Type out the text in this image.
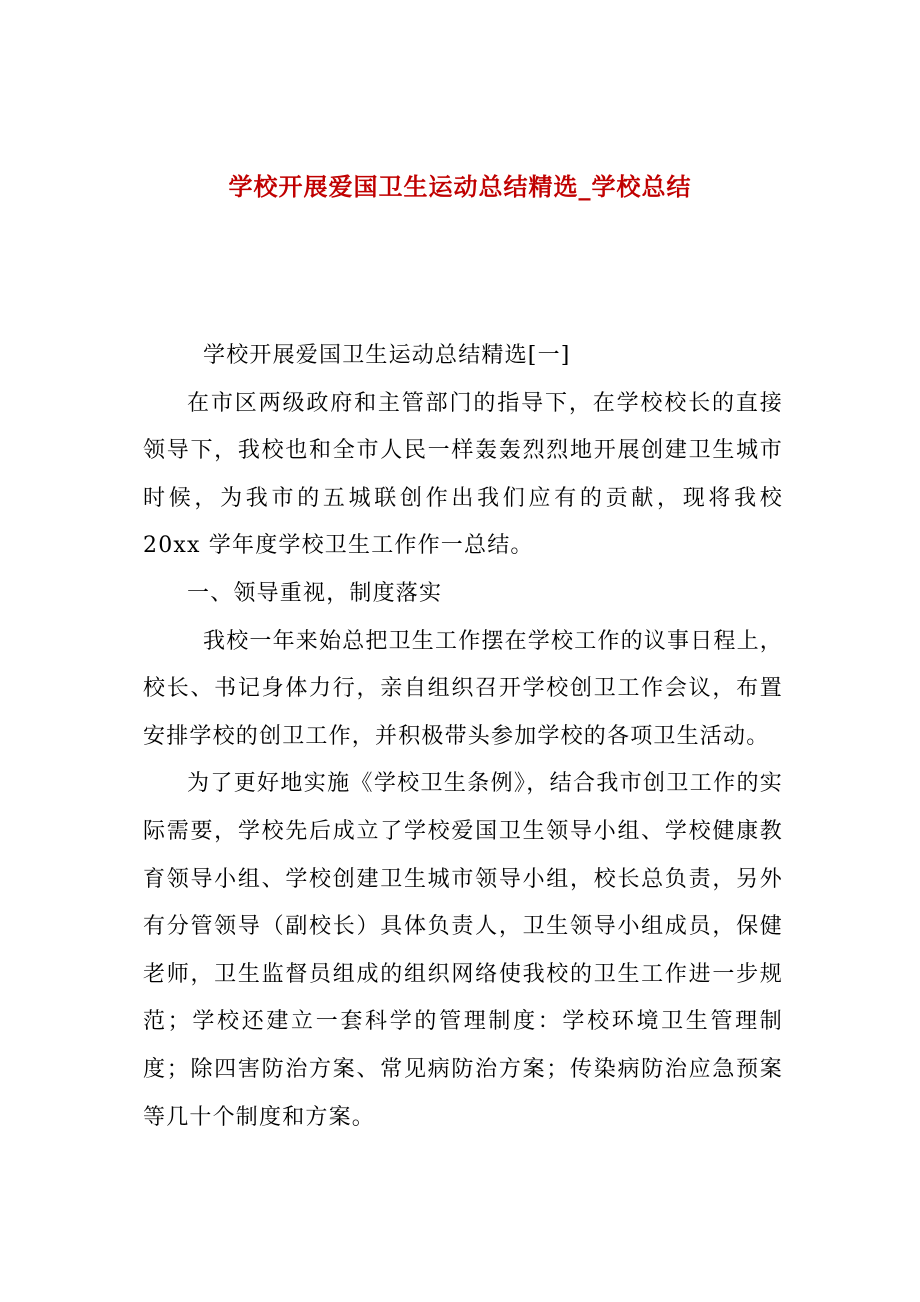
学校开展爱国卫生运动总结精选_学校总结

学校开展爱国卫生运动总结精选[一]

在市区两级政府和主管部门的指导下，在学校校长的直接领导下，我校也和全市人民一样轰轰烈烈地开展创建卫生城市时候，为我市的五城联创作出我们应有的贡献，现将我校 20xx 学年度学校卫生工作作一总结。

一、领导重视，制度落实

我校一年来始总把卫生工作摆在学校工作的议事日程上，校长、书记身体力行，亲自组织召开学校创卫工作会议，布置安排学校的创卫工作，并积极带头参加学校的各项卫生活动。

为了更好地实施《学校卫生条例》，结合我市创卫工作的实际需要，学校先后成立了学校爱国卫生领导小组、学校健康教育领导小组、学校创建卫生城市领导小组，校长总负责，另外有分管领导（副校长）具体负责人，卫生领导小组成员，保健老师，卫生监督员组成的组织网络使我校的卫生工作进一步规范；学校还建立一套科学的管理制度：学校环境卫生管理制度；除四害防治方案、常见病防治方案；传染病防治应急预案等几十个制度和方案。
